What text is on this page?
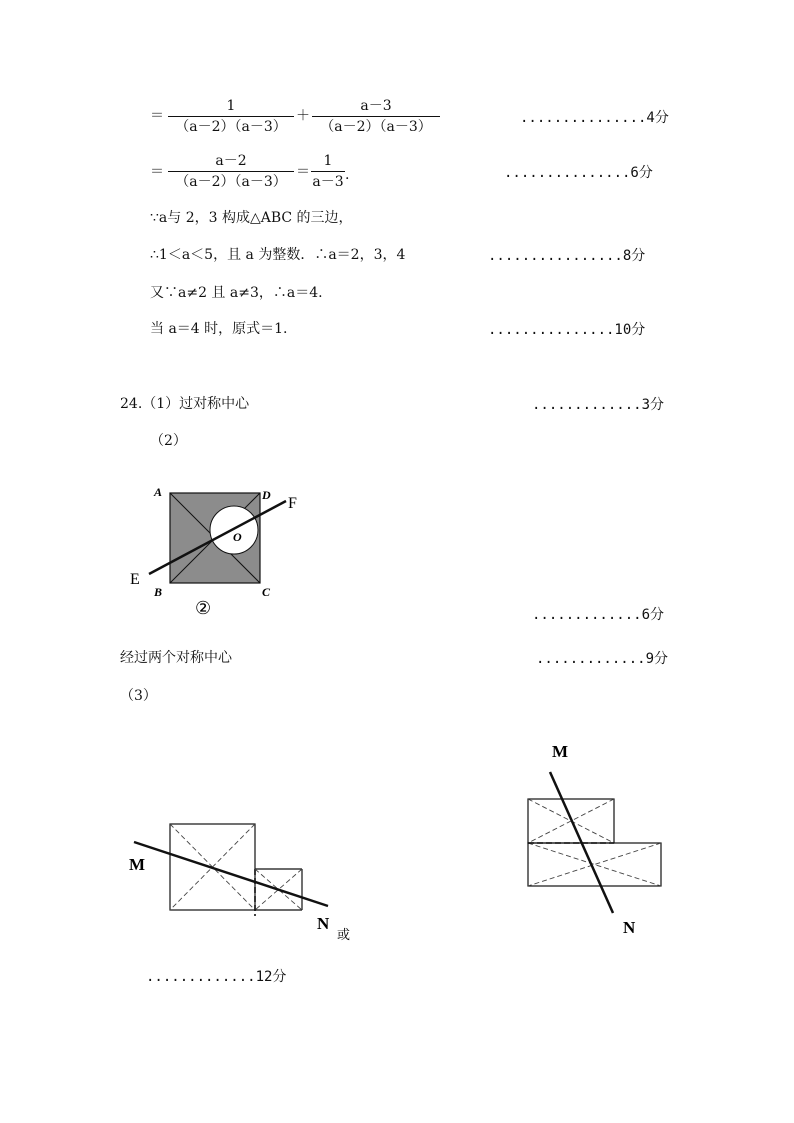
＝
1
（a－2）（a－3）
＋
a－3
（a－2）（a－3）
...............4分
＝
a－2
（a－2）（a－3）
＝
1
a－3 .	...............6分
∵a与 2，3 构成△ABC 的三边，
∴1＜a＜5，且 a 为整数．∴a＝2，3，4	................8分
又∵a≠2 且 a≠3，∴a＝4.
当 a＝4 时，原式＝1.	...............10分
24.（1）过对称中心	.............3分
（2）
A	D
B	C
O
E
F
②	.............6分
经过两个对称中心	.............9分
（3）
M
N
或
M
N
.............12分
